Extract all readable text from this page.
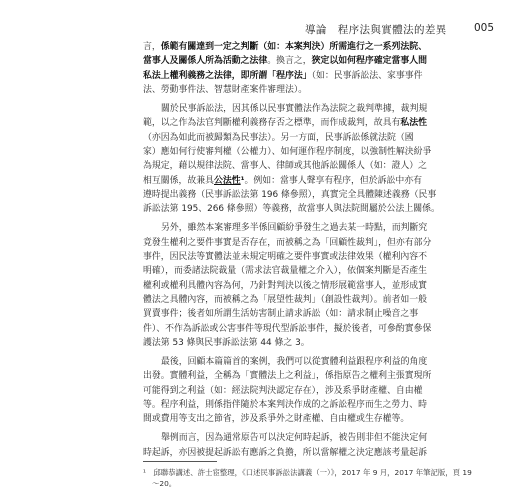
導論　程序法與實體法的差異	005
言，係範有關達到一定之判斷（如：本案判決）所需進行之一系列法院、
當事人及關係人所為活動之法律。換言之，狹定以如何程序確定當事人間
私法上權利義務之法律，即所謂「程序法」（如：民事訴訟法、家事事件
法、勞動事件法、智慧財產案件審理法）。
關於民事訴訟法，因其係以民事實體法作為法院之裁判準據，裁判規
範，以之作為法官判斷權利義務存否之標準，而作成裁判，故具有私法性
（亦因為如此而被歸類為民事法）。另一方面，民事訴訟係就法院（國
家）應如何行使審判權（公權力）、如何運作程序制度，以強制性解決紛爭
為規定，藉以規律法院、當事人、律師或其他訴訟關係人（如：證人）之
相互關係，故兼具公法性¹。例如：當事人聲享有程序，但於訴訟中亦有
遵時提出義務（民事訴訟法第 196 條參照），真實完全具體陳述義務（民事
訴訟法第 195、266 條參照）等義務，故當事人與法院間屬於公法上關係。
另外，雖然本案審理多半係回顧紛爭發生之過去某一時點，而判斷究
竟發生權利之要件事實是否存在，而被稱之為「回顧性裁判」，但亦有部分
事件，因民法等實體法並未規定明確之要件事實或法律效果（權利內容不
明確），而委諸法院裁量（需求法官裁量權之介入），依個案判斷是否產生
權利或權利具體內容為何，乃針對判決以後之情形展範當事人，並形成實
體法之具體內容，而被稱之為「展望性裁判」（創設性裁判）。前者如一般
買賣事件；後者如所謂生活妨害制止請求訴訟（如：請求制止噪音之事
件）、不作為訴訟或公害事件等現代型訴訟事件，擬於後者，可參酌實參保
護法第 53 條與民事訴訟法第 44 條之 3。
最後，回顧本篇篇首的案例，我們可以從實體利益跟程序利益的角度
出發。實體利益，全稱為「實體法上之利益」，係指原告之權利主張實現所
可能得到之利益（如：經法院判決認定存在），涉及系爭財產權、自由權
等。程序利益，則係指伴隨於本案判決作成的之訴訟程序而生之勞力、時
間或費用等支出之節省，涉及系爭外之財產權、自由權或生存權等。
舉例而言，因為通常原告可以決定何時起訴，被告則非但不能決定何
時起訴，亦因被提起訴訟有應訴之負擔，所以當解權之決定應該考量起訴
¹　邱聯恭講述、許士宦整理，《口述民事訴訟法講義（一）》，2017 年 9 月，2017 年筆記版，頁 19
～20。
